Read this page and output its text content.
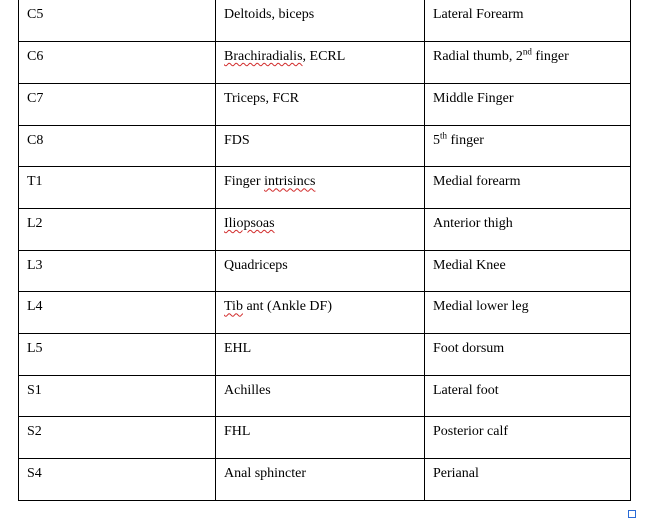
C5	Deltoids, biceps	Lateral Forearm
C6	Brachiradialis, ECRL	Radial thumb, 2nd finger
C7	Triceps, FCR	Middle Finger
C8	FDS	5th finger
T1	Finger intrisincs	Medial forearm
L2	Iliopsoas	Anterior thigh
L3	Quadriceps	Medial Knee
L4	Tib ant (Ankle DF)	Medial lower leg
L5	EHL	Foot dorsum
S1	Achilles	Lateral foot
S2	FHL	Posterior calf
S4	Anal sphincter	Perianal
